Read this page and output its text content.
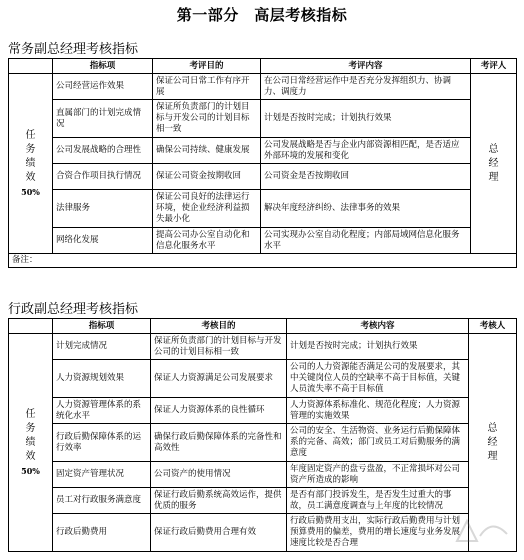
第一部分　高层考核指标
常务副总经理考核指标
	指标项	考评目的	考评内容	考评人

任务绩效
50%	公司经营运作效果	保证公司日常工作有序开展	在公司日常经营运作中是否充分发挥组织力、协调力、调度力	总经理

	直属部门的计划完成情况	保证所负责部门的计划目标与开发公司的计划目标相一致	计划是否按时完成；计划执行效果	
	公司发展战略的合理性	确保公司持续、健康发展	公司发展战略是否与企业内部资源相匹配，是否适应外部环境的发展和变化	
	合资合作项目执行情况	保证公司资金按期收回	公司资金是否按期收回	
	法律服务	保证公司良好的法律运行环境，使企业经济利益损失最小化	解决年度经济纠纷、法律事务的效果	
	网络化发展	提高公司办公室自动化和信息化服务水平	公司实现办公室自动化程度；内部局域网信息化服务水平	
备注：				
行政副总经理考核指标
	指标项	考核目的	考核内容	考核人

任务绩效
50%	计划完成情况	保证所负责部门的计划目标与开发公司的计划目标相一致	计划是否按时完成；计划执行效果	总经理

	人力资源规划效果	保证人力资源满足公司发展要求	公司的人力资源能否满足公司的发展要求，其中关键岗位人员的空缺率不高于目标值，关键人员流失率不高于目标值	
	人力资源管理体系的系统化水平	保证人力资源体系的良性循环	人力资源体系标准化、规范化程度；人力资源管理的实施效果	
	行政后勤保障体系的运行效率	确保行政后勤保障体系的完备性和高效性	公司的安全、生活物资、业务运行后勤保障体系的完备、高效；部门或员工对后勤服务的满意度	
	固定资产管理状况	公司资产的使用情况	年度固定资产的盘亏盘盈，不正常损坏对公司资产所造成的影响	
	员工对行政服务满意度	保证行政后勤系统高效运作，提供优质的服务	是否有部门投诉发生，是否发生过重大的事故，员工满意度调查与上年度的比较情况	
	行政后勤费用	保证行政后勤费用合理有效	行政后勤费用支出，实际行政后勤费用与计划预算费用的偏差，费用的增长速度与业务发展速度比较是否合理	
